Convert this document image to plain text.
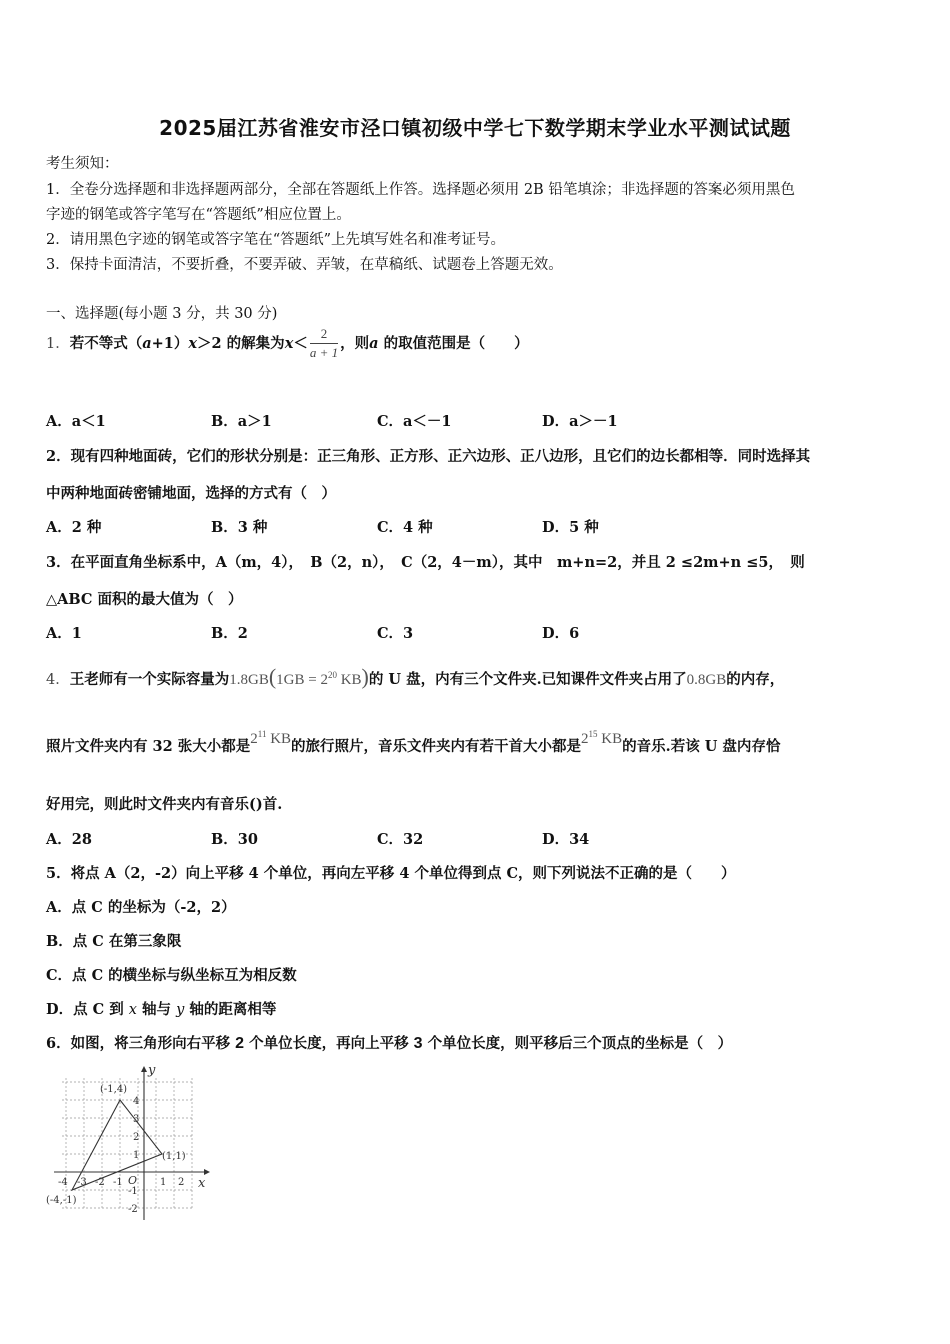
2025届江苏省淮安市泾口镇初级中学七下数学期末学业水平测试试题
考生须知：
1．全卷分选择题和非选择题两部分，全部在答题纸上作答。选择题必须用 2B 铅笔填涂；非选择题的答案必须用黑色
字迹的钢笔或答字笔写在“答题纸”相应位置上。
2．请用黑色字迹的钢笔或答字笔在“答题纸”上先填写姓名和准考证号。
3．保持卡面清洁，不要折叠，不要弄破、弄皱，在草稿纸、试题卷上答题无效。
一、选择题(每小题 3 分，共 30 分)
1．若不等式（a+1）x＞2 的解集为$x< \frac{2}{a + 1}$ ，则a 的取值范围是（　　）
A．a＜1	B．a＞1	C．a＜－1	D．a＞－1
2．现有四种地面砖，它们的形状分别是：正三角形、正方形、正六边形、正八边形，且它们的边长都相等．同时选择其
中两种地面砖密铺地面，选择的方式有（　）
A．2 种	B．3 种	C．4 种	D．5 种
3．在平面直角坐标系中，A（m，4），　B（2，n），　C（2，4－m），其中　m+n=2，并且 2 ≤2m+n ≤5，　则
△ABC 面积的最大值为（　）
A．1	B．2	C．3	D．6
4．王老师有一个实际容量为$1.8GB(1GB = 2^{20}$ KB)的 U 盘，内有三个文件夹.已知课件文件夹占用了0.8GB的内存，
照片文件夹内有 32 张大小都是$2^{11}$ KB的旅行照片，音乐文件夹内有若干首大小都是$2^{15}$ KB的音乐.若该 U 盘内存恰
好用完，则此时文件夹内有音乐()首.
A．28	B．30	C．32	D．34
5．将点 A（2，-2）向上平移 4 个单位，再向左平移 4 个单位得到点 C，则下列说法不正确的是（　　）
A．点 C 的坐标为（-2，2）
B．点 C 在第三象限
C．点 C 的横坐标与纵坐标互为相反数
D．点 C 到 x 轴与 y 轴的距离相等
6．如图，将三角形向右平移 2 个单位长度，再向上平移 3 个单位长度，则平移后三个顶点的坐标是（　）
y
x
O
(-1,4)
(1,1)
(-4,-1)
-4 -3 -2 -1	1 2
4
3
2
1
-1
-2
